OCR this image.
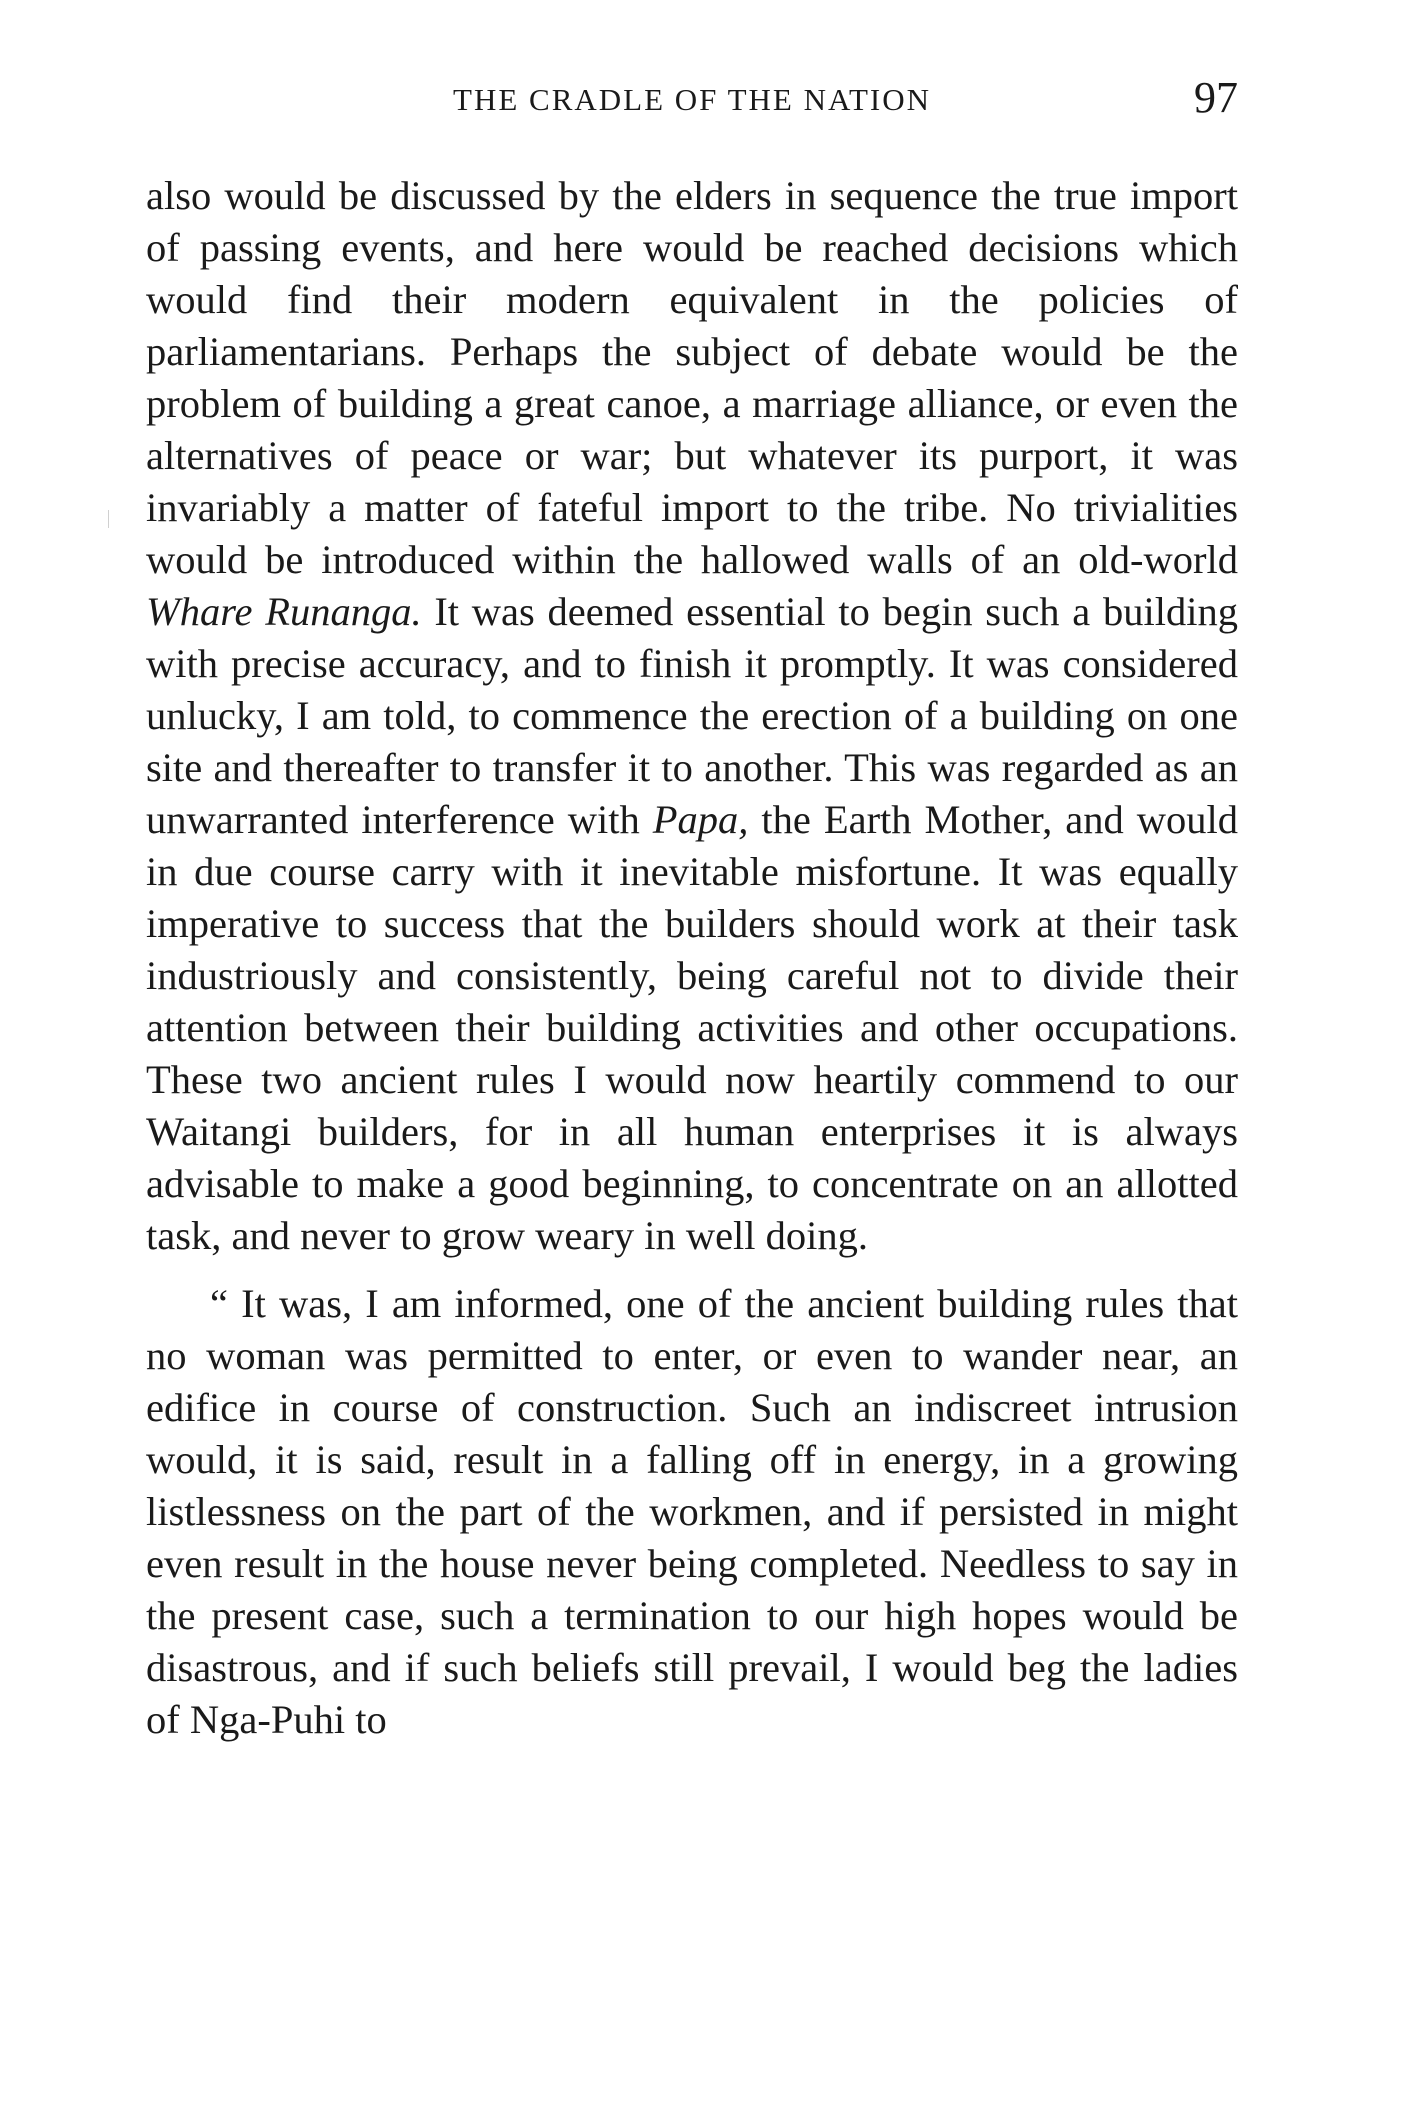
THE CRADLE OF THE NATION	97

also would be discussed by the elders in sequence the true import of passing events, and here would be reached decisions which would find their modern equivalent in the policies of parliamentarians. Perhaps the subject of debate would be the problem of building a great canoe, a marriage alliance, or even the alternatives of peace or war; but whatever its purport, it was invariably a matter of fateful import to the tribe. No trivialities would be introduced within the hallowed walls of an old-world Whare Runanga. It was deemed essential to begin such a building with precise accuracy, and to finish it promptly. It was considered unlucky, I am told, to commence the erection of a building on one site and thereafter to transfer it to another. This was regarded as an unwarranted interference with Papa, the Earth Mother, and would in due course carry with it inevitable misfortune. It was equally imperative to success that the builders should work at their task industriously and consistently, being careful not to divide their attention between their building activities and other occupations. These two ancient rules I would now heartily commend to our Waitangi builders, for in all human enterprises it is always advisable to make a good beginning, to concentrate on an allotted task, and never to grow weary in well doing.

“ It was, I am informed, one of the ancient building rules that no woman was permitted to enter, or even to wander near, an edifice in course of construction. Such an indiscreet intrusion would, it is said, result in a falling off in energy, in a growing listlessness on the part of the workmen, and if persisted in might even result in the house never being completed. Needless to say in the present case, such a termination to our high hopes would be disastrous, and if such beliefs still prevail, I would beg the ladies of Nga-Puhi to
